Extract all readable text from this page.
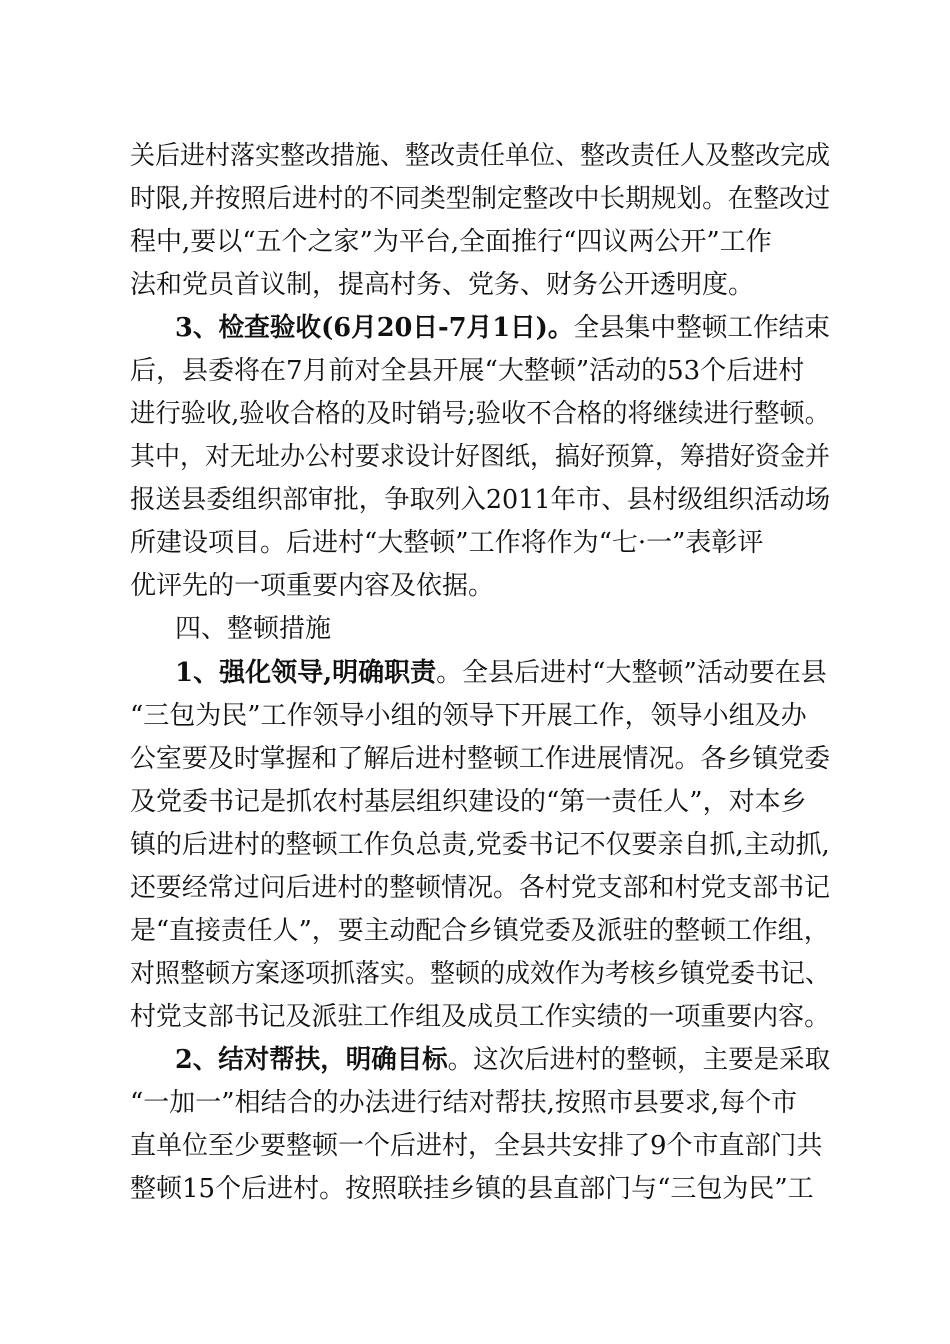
关后进村落实整改措施、整改责任单位、整改责任人及整改完成
时限,并按照后进村的不同类型制定整改中长期规划。在整改过
程中,要以“五个之家”为平台,全面推行“四议两公开”工作
法和党员首议制，提高村务、党务、财务公开透明度。
3、检查验收(6月20日-7月1日)。全县集中整顿工作结束
后，县委将在7月前对全县开展“大整顿”活动的53个后进村
进行验收,验收合格的及时销号;验收不合格的将继续进行整顿。
其中，对无址办公村要求设计好图纸，搞好预算，筹措好资金并
报送县委组织部审批，争取列入2011年市、县村级组织活动场
所建设项目。后进村“大整顿”工作将作为“七·一”表彰评
优评先的一项重要内容及依据。
四、整顿措施
1、强化领导,明确职责。全县后进村“大整顿”活动要在县
“三包为民”工作领导小组的领导下开展工作，领导小组及办
公室要及时掌握和了解后进村整顿工作进展情况。各乡镇党委
及党委书记是抓农村基层组织建设的“第一责任人”，对本乡
镇的后进村的整顿工作负总责,党委书记不仅要亲自抓,主动抓,
还要经常过问后进村的整顿情况。各村党支部和村党支部书记
是“直接责任人”，要主动配合乡镇党委及派驻的整顿工作组，
对照整顿方案逐项抓落实。整顿的成效作为考核乡镇党委书记、
村党支部书记及派驻工作组及成员工作实绩的一项重要内容。
2、结对帮扶，明确目标。这次后进村的整顿，主要是采取
“一加一”相结合的办法进行结对帮扶,按照市县要求,每个市
直单位至少要整顿一个后进村，全县共安排了9个市直部门共
整顿15个后进村。按照联挂乡镇的县直部门与“三包为民”工
